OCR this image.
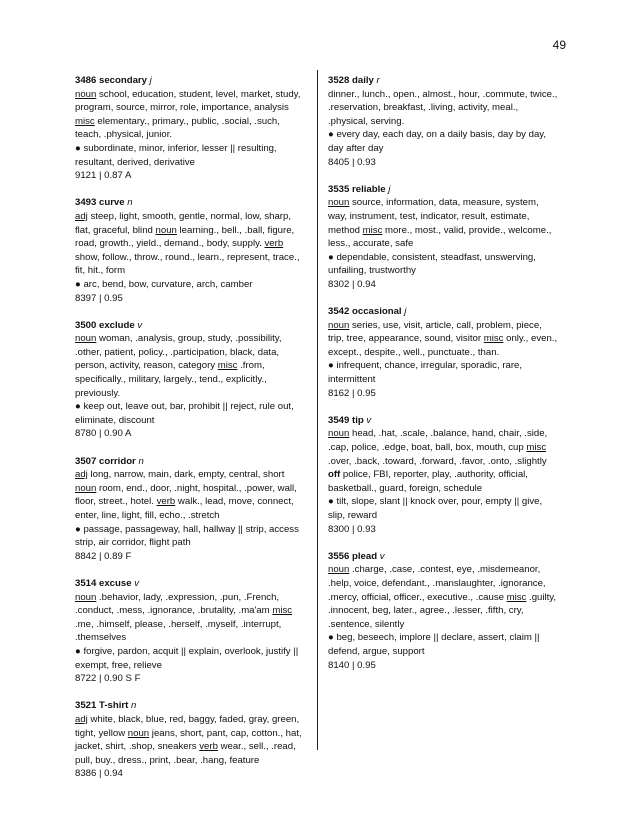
49

3486 secondary j

noun school, education, student, level, market, study, program, source, mirror, role, importance, analysis misc elementary., primary., public, .social, .such, teach, .physical, junior.

● subordinate, minor, inferior, lesser || resulting, resultant, derived, derivative

9121 | 0.87 A

3493 curve n

adj steep, light, smooth, gentle, normal, low, sharp, flat, graceful, blind noun learning., bell., .ball, figure, road, growth., yield., demand., body, supply. verb show, follow., throw., round., learn., represent, trace., fit, hit., form

● arc, bend, bow, curvature, arch, camber

8397 | 0.95

3500 exclude v

noun woman, .analysis, group, study, .possibility, .other, patient, policy., .participation, black, data, person, activity, reason, category misc .from, specifically., military, largely., tend., explicitly., previously.

● keep out, leave out, bar, prohibit || reject, rule out, eliminate, discount

8780 | 0.90 A

3507 corridor n

adj long, narrow, main, dark, empty, central, short noun room, end., door, .night, hospital., .power, wall, floor, street., hotel. verb walk., lead, move, connect, enter, line, light, fill, echo., .stretch

● passage, passageway, hall, hallway || strip, access strip, air corridor, flight path

8842 | 0.89 F

3514 excuse v

noun .behavior, lady, .expression, .pun, .French, .conduct, .mess, .ignorance, .brutality, .ma'am misc .me, .himself, please, .herself, .myself, .interrupt, .themselves

● forgive, pardon, acquit || explain, overlook, justify || exempt, free, relieve

8722 | 0.90 S F

3521 T-shirt n

adj white, black, blue, red, baggy, faded, gray, green, tight, yellow noun jeans, short, pant, cap, cotton., hat, jacket, shirt, .shop, sneakers verb wear., sell., .read, pull, buy., dress., print, .bear, .hang, feature

8386 | 0.94

3528 daily r

dinner., lunch., open., almost., hour, .commute, twice., .reservation, breakfast, .living, activity, meal., .physical, serving.

● every day, each day, on a daily basis, day by day, day after day

8405 | 0.93

3535 reliable j

noun source, information, data, measure, system, way, instrument, test, indicator, result, estimate, method misc more., most., valid, provide., welcome., less., accurate, safe

● dependable, consistent, steadfast, unswerving, unfailing, trustworthy

8302 | 0.94

3542 occasional j

noun series, use, visit, article, call, problem, piece, trip, tree, appearance, sound, visitor misc only., even., except., despite., well., punctuate., than.

● infrequent, chance, irregular, sporadic, rare, intermittent

8162 | 0.95

3549 tip v

noun head, .hat, .scale, .balance, hand, chair, .side, .cap, police, .edge, boat, ball, box, mouth, cup misc .over, .back, .toward, .forward, .favor, .onto, .slightly off police, FBI, reporter, play, .authority, official, basketball., guard, foreign, schedule

● tilt, slope, slant || knock over, pour, empty || give, slip, reward

8300 | 0.93

3556 plead v

noun .charge, .case, .contest, eye, .misdemeanor, .help, voice, defendant., .manslaughter, .ignorance, .mercy, official, officer., executive., .cause misc .guilty, .innocent, beg, later., agree., .lesser, .fifth, cry, .sentence, silently

● beg, beseech, implore || declare, assert, claim || defend, argue, support

8140 | 0.95
